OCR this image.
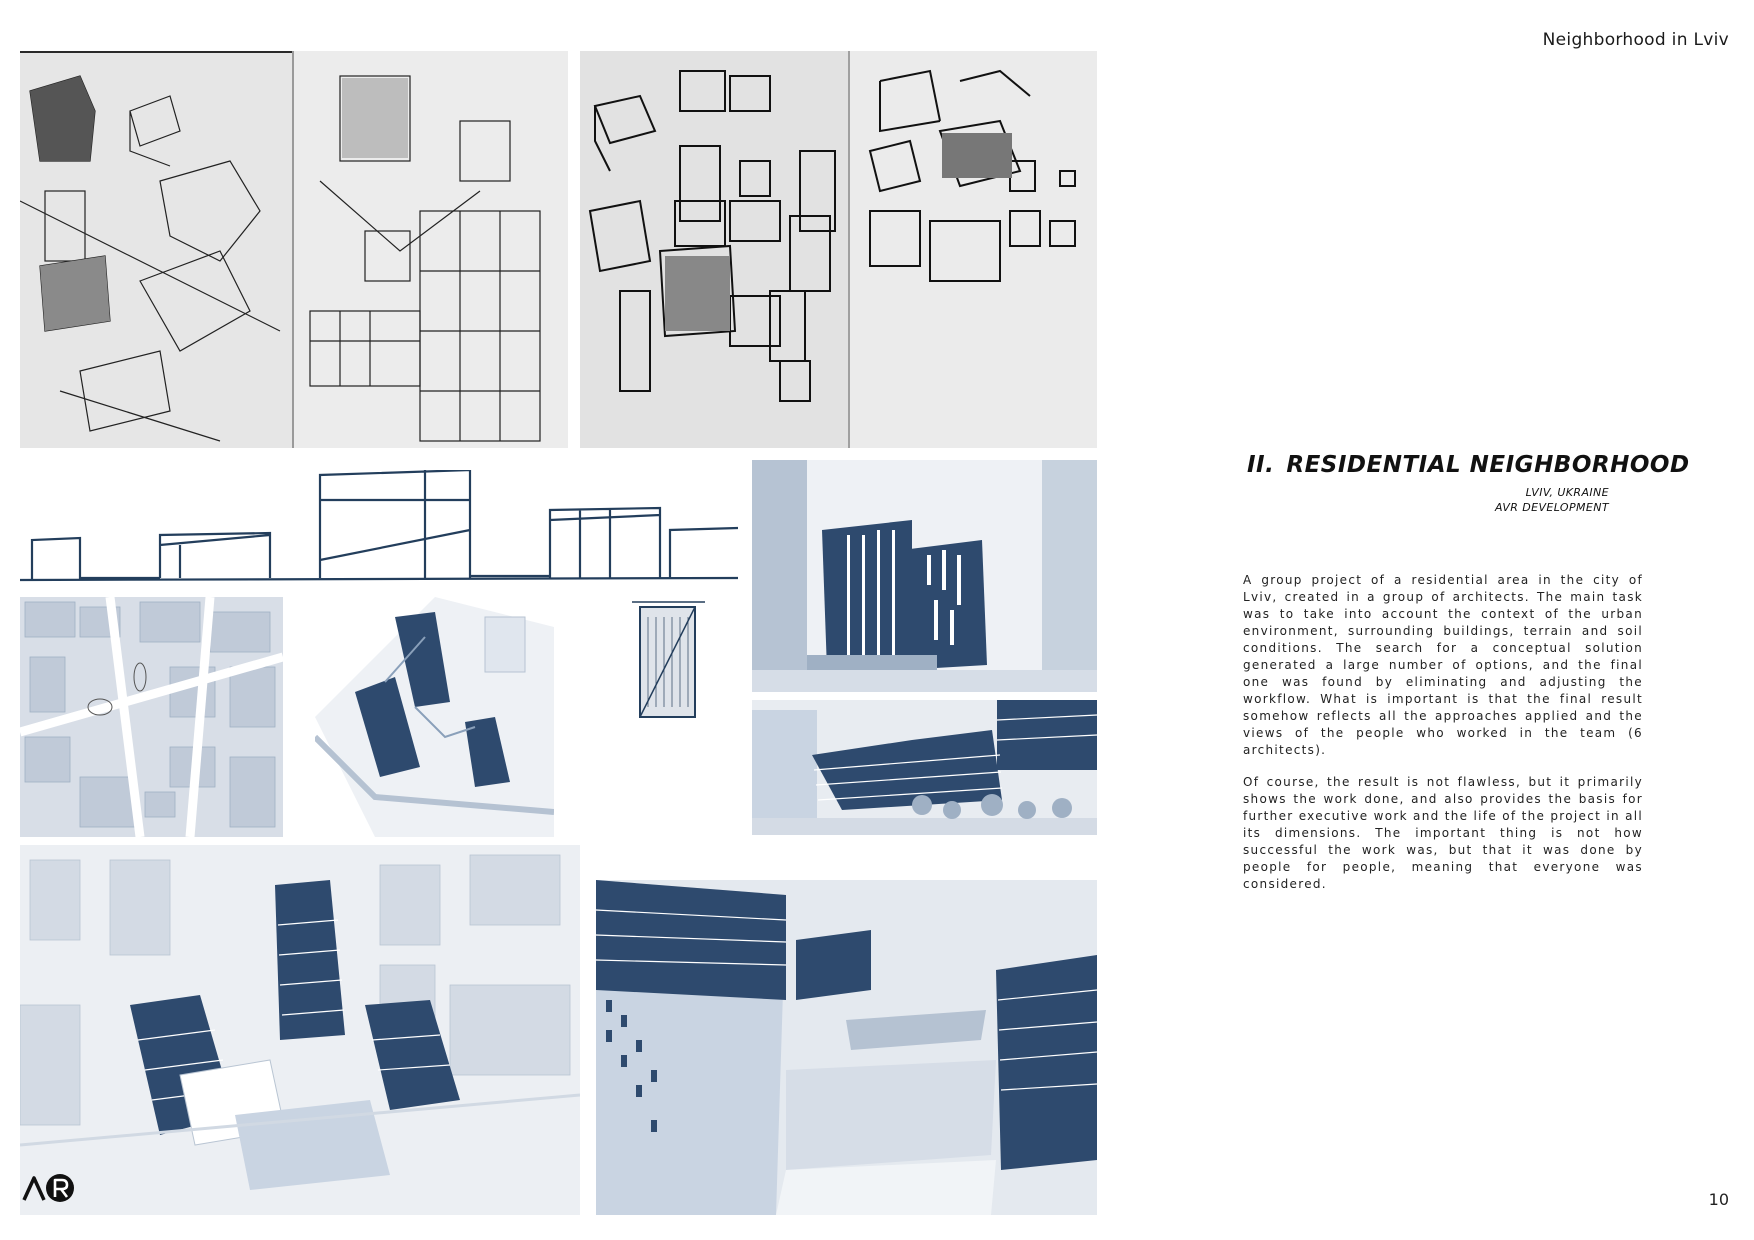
Neighborhood in Lviv
II. RESIDENTIAL NEIGHBORHOOD
LVIV, UKRAINE
AVR DEVELOPMENT

A group project of a residential area in the city of Lviv, created in a group of architects. The main task was to take into account the context of the urban environment, surrounding buildings, terrain and soil conditions. The search for a conceptual solution generated a large number of options, and the final one was found by eliminating and adjusting the workflow. What is important is that the final result somehow reflects all the approaches applied and the views of the people who worked in the team (6 architects).

Of course, the result is not flawless, but it primarily shows the work done, and also provides the basis for further executive work and the life of the project in all its dimensions. The important thing is not how successful the work was, but that it was done by people for people, meaning that everyone was considered.

10
